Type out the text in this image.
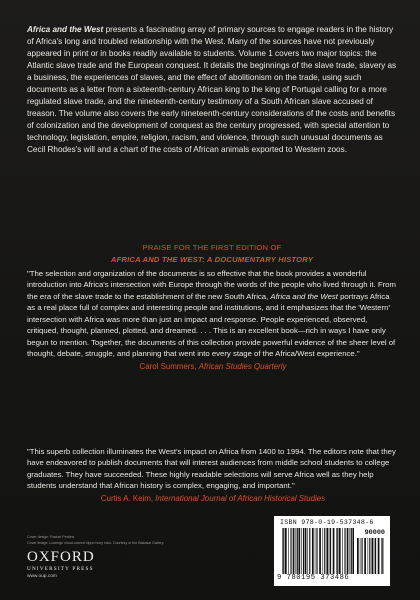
Africa and the West presents a fascinating array of primary sources to engage readers in the history of Africa's long and troubled relationship with the West. Many of the sources have not previously appeared in print or in books readily available to students. Volume 1 covers two major topics: the Atlantic slave trade and the European conquest. It details the beginnings of the slave trade, slavery as a business, the experiences of slaves, and the effect of abolitionism on the trade, using such documents as a letter from a sixteenth-century African king to the king of Portugal calling for a more regulated slave trade, and the nineteenth-century testimony of a South African slave accused of treason. The volume also covers the early nineteenth-century considerations of the costs and benefits of colonization and the development of conquest as the century progressed, with special attention to technology, legislation, empire, religion, racism, and violence, through such unusual documents as Cecil Rhodes's will and a chart of the costs of African animals exported to Western zoos.
PRAISE FOR THE FIRST EDITION OF
AFRICA AND THE WEST: A DOCUMENTARY HISTORY
"The selection and organization of the documents is so effective that the book provides a wonderful introduction into Africa's intersection with Europe through the words of the people who lived through it. From the era of the slave trade to the establishment of the new South Africa, Africa and the West portrays Africa as a real place full of complex and interesting people and institutions, and it emphasizes that the 'Western' intersection with Africa was more than just an impact and response. People experienced, observed, critiqued, thought, planned, plotted, and dreamed. . . . This is an excellent book—rich in ways I have only begun to mention. Together, the documents of this collection provide powerful evidence of the sheer level of thought, debate, struggle, and planning that went into every stage of the Africa/West experience."
Carol Summers, African Studies Quarterly
"This superb collection illuminates the West's impact on Africa from 1400 to 1994. The editors note that they have endeavored to publish documents that will interest audiences from middle school students to college graduates. They have succeeded. These highly readable selections will serve Africa well as they help students understand that African history is complex, engaging, and important."
Curtis A. Keim, International Journal of African Historical Studies
Cover design: Rachel Perkins
Cover image: Lozenge cloud-carved hippo ivory halo. Courtesy of the Bakasal Gallery.
OXFORD
UNIVERSITY PRESS
www.oup.com
ISBN 978-0-19-537348-6
90000
9 780195 373486
